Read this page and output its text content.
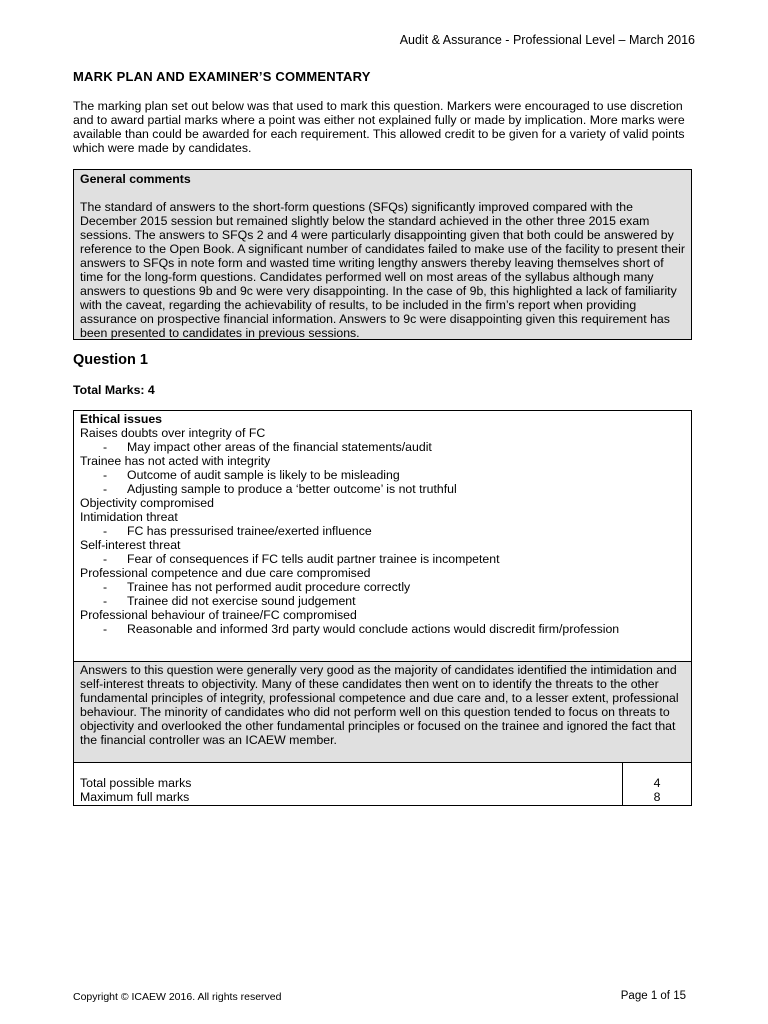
Audit & Assurance - Professional Level – March 2016
MARK PLAN AND EXAMINER’S COMMENTARY
The marking plan set out below was that used to mark this question. Markers were encouraged to use discretion and to award partial marks where a point was either not explained fully or made by implication. More marks were available than could be awarded for each requirement. This allowed credit to be given for a variety of valid points which were made by candidates.
General comments
The standard of answers to the short-form questions (SFQs) significantly improved compared with the December 2015 session but remained slightly below the standard achieved in the other three 2015 exam sessions. The answers to SFQs 2 and 4 were particularly disappointing given that both could be answered by reference to the Open Book. A significant number of candidates failed to make use of the facility to present their answers to SFQs in note form and wasted time writing lengthy answers thereby leaving themselves short of time for the long-form questions. Candidates performed well on most areas of the syllabus although many answers to questions 9b and 9c were very disappointing. In the case of 9b, this highlighted a lack of familiarity with the caveat, regarding the achievability of results, to be included in the firm’s report when providing assurance on prospective financial information. Answers to 9c were disappointing given this requirement has been presented to candidates in previous sessions.
Question 1
Total Marks: 4
Ethical issues
Raises doubts over integrity of FC
- May impact other areas of the financial statements/audit
Trainee has not acted with integrity
- Outcome of audit sample is likely to be misleading
- Adjusting sample to produce a ‘better outcome’ is not truthful
Objectivity compromised
Intimidation threat
- FC has pressurised trainee/exerted influence
Self-interest threat
- Fear of consequences if FC tells audit partner trainee is incompetent
Professional competence and due care compromised
- Trainee has not performed audit procedure correctly
- Trainee did not exercise sound judgement
Professional behaviour of trainee/FC compromised
- Reasonable and informed 3rd party would conclude actions would discredit firm/profession
Answers to this question were generally very good as the majority of candidates identified the intimidation and self-interest threats to objectivity. Many of these candidates then went on to identify the threats to the other fundamental principles of integrity, professional competence and due care and, to a lesser extent, professional behaviour. The minority of candidates who did not perform well on this question tended to focus on threats to objectivity and overlooked the other fundamental principles or focused on the trainee and ignored the fact that the financial controller was an ICAEW member.
Total possible marks
Maximum full marks
4
8
Copyright © ICAEW 2016. All rights reserved	Page 1 of 15
